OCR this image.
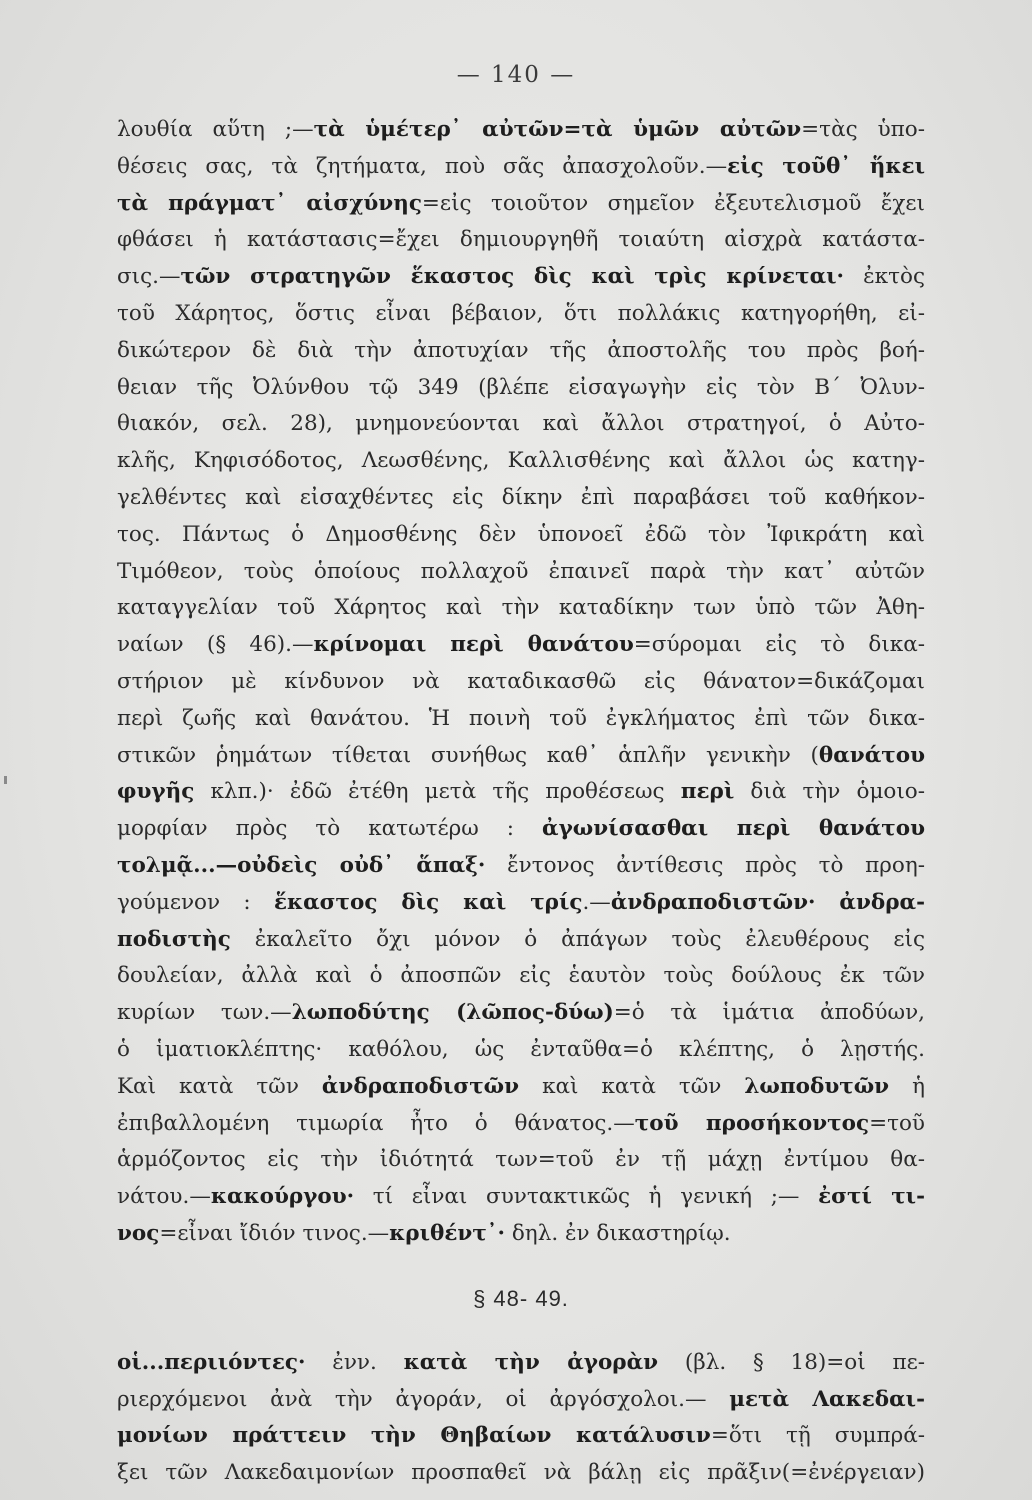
— 140 —
λουθία αὕτη ;—τὰ ὑμέτερ᾽ αὐτῶν=τὰ ὑμῶν αὐτῶν=τὰς ὑπο-
θέσεις σας, τὰ ζητήματα, ποὺ σᾶς ἀπασχολοῦν.—εἰς τοῦθ᾽ ἥκει
τὰ πράγματ᾽ αἰσχύνης=εἰς τοιοῦτον σημεῖον ἐξευτελισμοῦ ἔχει
φθάσει ἡ κατάστασις=ἔχει δημιουργηθῆ τοιαύτη αἰσχρὰ κατάστα-
σις.—τῶν στρατηγῶν ἕκαστος δὶς καὶ τρὶς κρίνεται· ἐκτὸς
τοῦ Χάρητος, ὅστις εἶναι βέβαιον, ὅτι πολλάκις κατηγορήθη, εἰ-
δικώτερον δὲ διὰ τὴν ἀποτυχίαν τῆς ἀποστολῆς του πρὸς βοή-
θειαν τῆς Ὀλύνθου τῷ 349 (βλέπε εἰσαγωγὴν εἰς τὸν Β΄ Ὀλυν-
θιακόν, σελ. 28), μνημονεύονται καὶ ἄλλοι στρατηγοί, ὁ Αὐτο-
κλῆς, Κηφισόδοτος, Λεωσθένης, Καλλισθένης καὶ ἄλλοι ὡς κατηγ-
γελθέντες καὶ εἰσαχθέντες εἰς δίκην ἐπὶ παραβάσει τοῦ καθήκον-
τος. Πάντως ὁ Δημοσθένης δὲν ὑπονοεῖ ἐδῶ τὸν Ἰφικράτη καὶ
Τιμόθεον, τοὺς ὁποίους πολλαχοῦ ἐπαινεῖ παρὰ τὴν κατ᾽ αὐτῶν
καταγγελίαν τοῦ Χάρητος καὶ τὴν καταδίκην των ὑπὸ τῶν Ἀθη-
ναίων (§ 46).—κρίνομαι περὶ θανάτου=σύρομαι εἰς τὸ δικα-
στήριον μὲ κίνδυνον νὰ καταδικασθῶ εἰς θάνατον=δικάζομαι
περὶ ζωῆς καὶ θανάτου. Ἡ ποινὴ τοῦ ἐγκλήματος ἐπὶ τῶν δικα-
στικῶν ῥημάτων τίθεται συνήθως καθ᾽ ἁπλῆν γενικὴν (θανάτου
φυγῆς κλπ.)· ἐδῶ ἐτέθη μετὰ τῆς προθέσεως περὶ διὰ τὴν ὁμοιο-
μορφίαν πρὸς τὸ κατωτέρω : ἀγωνίσασθαι περὶ θανάτου
τολμᾷ...—οὐδεὶς οὐδ᾽ ἅπαξ· ἔντονος ἀντίθεσις πρὸς τὸ προη-
γούμενον : ἕκαστος δὶς καὶ τρίς.—ἀνδραποδιστῶν· ἀνδρα-
ποδιστὴς ἐκαλεῖτο ὄχι μόνον ὁ ἀπάγων τοὺς ἐλευθέρους εἰς
δουλείαν, ἀλλὰ καὶ ὁ ἀποσπῶν εἰς ἑαυτὸν τοὺς δούλους ἐκ τῶν
κυρίων των.—λωποδύτης (λῶπος-δύω)=ὁ τὰ ἱμάτια ἀποδύων,
ὁ ἱματιοκλέπτης· καθόλου, ὡς ἐνταῦθα=ὁ κλέπτης, ὁ λῃστής.
Καὶ κατὰ τῶν ἀνδραποδιστῶν καὶ κατὰ τῶν λωποδυτῶν ἡ
ἐπιβαλλομένη τιμωρία ἦτο ὁ θάνατος.—τοῦ προσήκοντος=τοῦ
ἁρμόζοντος εἰς τὴν ἰδιότητά των=τοῦ ἐν τῇ μάχῃ ἐντίμου θα-
νάτου.—κακούργου· τί εἶναι συντακτικῶς ἡ γενική ;— ἐστί τι-
νος=εἶναι ἴδιόν τινος.—κριθέντ᾽· δηλ. ἐν δικαστηρίῳ.
§ 48- 49.
οἱ...περιιόντες· ἐνν. κατὰ τὴν ἀγορὰν (βλ. § 18)=οἱ πε-
ριερχόμενοι ἀνὰ τὴν ἀγοράν, οἱ ἀργόσχολοι.— μετὰ Λακεδαι-
μονίων πράττειν τὴν Θηβαίων κατάλυσιν=ὅτι τῇ συμπρά-
ξει τῶν Λακεδαιμονίων προσπαθεῖ νὰ βάλῃ εἰς πρᾶξιν(=ἐνέργειαν)
